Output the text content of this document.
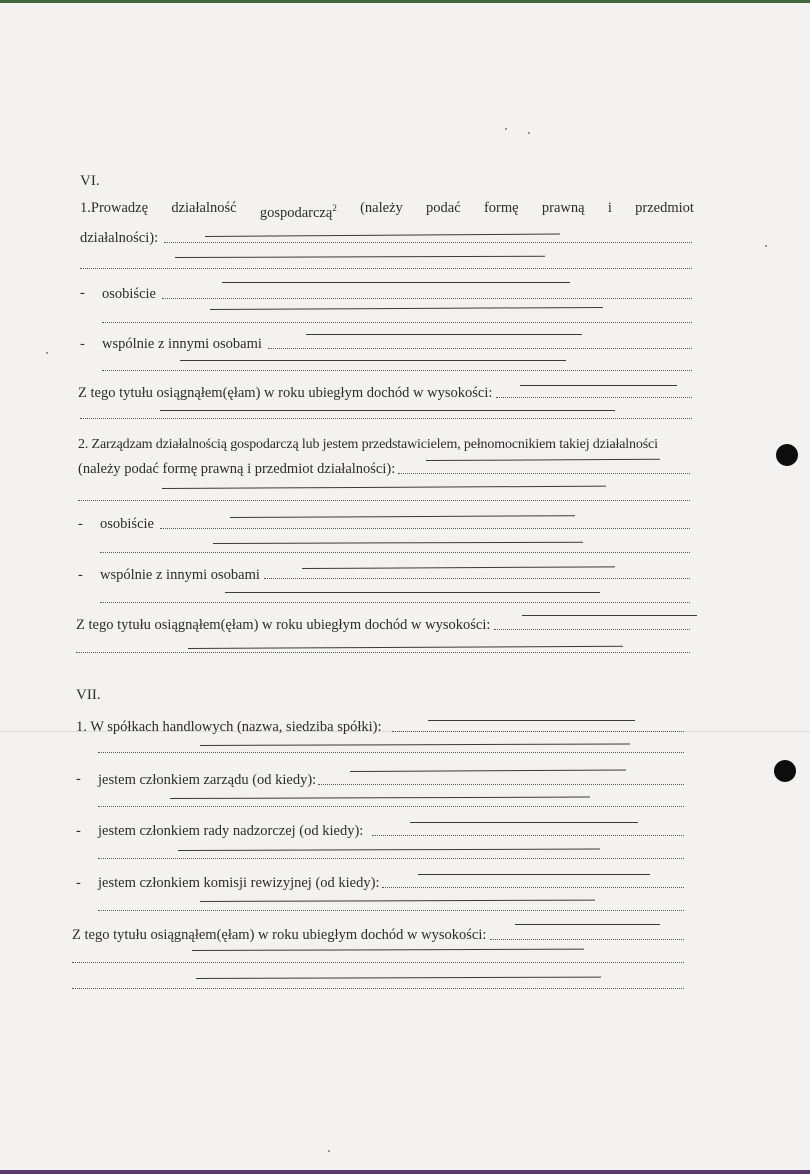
VI.
1.Prowadzę działalność gospodarczą$^2$ (należy podać formę prawną i przedmiot
działalności):
- osobiście
- wspólnie z innymi osobami
Z tego tytułu osiągnąłem(ęłam) w roku ubiegłym dochód w wysokości:
2. Zarządzam działalnością gospodarczą lub jestem przedstawicielem, pełnomocnikiem takiej działalności
(należy podać formę prawną i przedmiot działalności):
- osobiście
- wspólnie z innymi osobami
Z tego tytułu osiągnąłem(ęłam) w roku ubiegłym dochód w wysokości:
VII.
1. W spółkach handlowych (nazwa, siedziba spółki):
- jestem członkiem zarządu (od kiedy):
- jestem członkiem rady nadzorczej (od kiedy):
- jestem członkiem komisji rewizyjnej (od kiedy):
Z tego tytułu osiągnąłem(ęłam) w roku ubiegłym dochód w wysokości:
